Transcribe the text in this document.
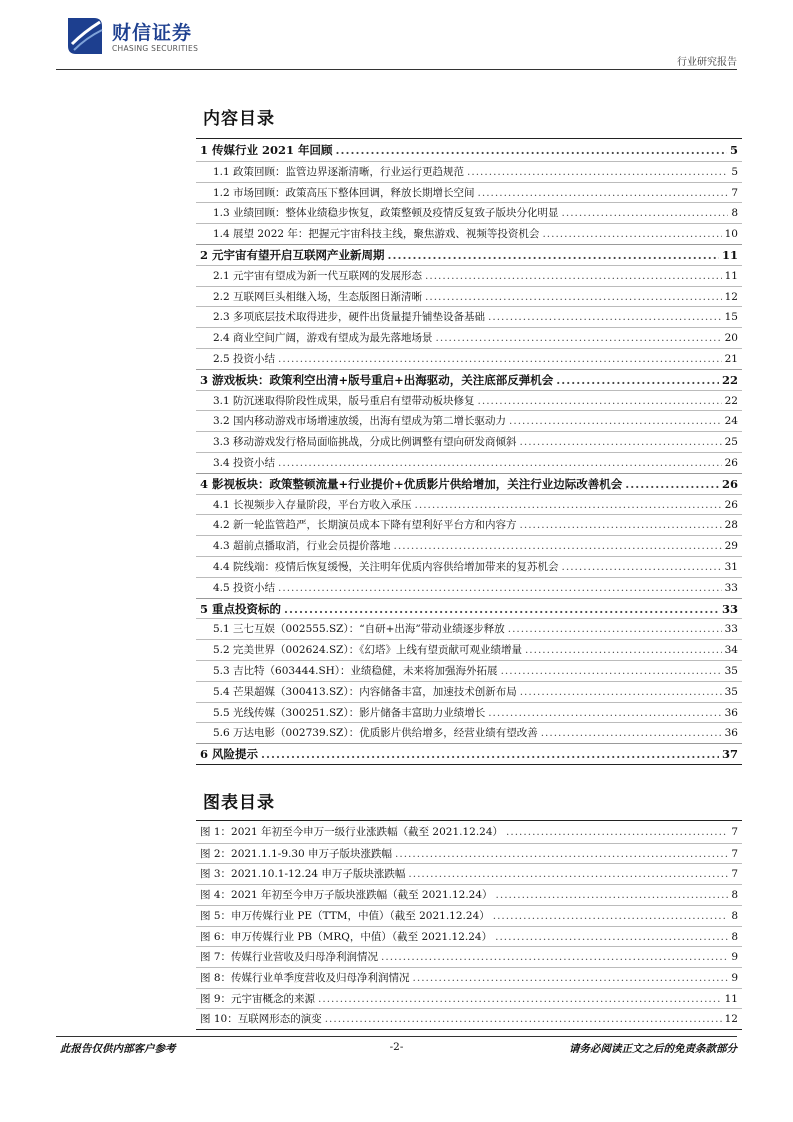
财信证券
CHASING SECURITIES
行业研究报告
内容目录
1 传媒行业 2021 年回顾 .....	5
1.1 政策回顾：监管边界逐渐清晰，行业运行更趋规范 .....	5
1.2 市场回顾：政策高压下整体回调，释放长期增长空间 .....	7
1.3 业绩回顾：整体业绩稳步恢复，政策整顿及疫情反复致子版块分化明显 .....	8
1.4 展望 2022 年：把握元宇宙科技主线，聚焦游戏、视频等投资机会 .....	10
2 元宇宙有望开启互联网产业新周期 .....	11
2.1 元宇宙有望成为新一代互联网的发展形态 .....	11
2.2 互联网巨头相继入场，生态版图日渐清晰 .....	12
2.3 多项底层技术取得进步，硬件出货量提升铺垫设备基础 .....	15
2.4 商业空间广阔，游戏有望成为最先落地场景 .....	20
2.5 投资小结 .....	21
3 游戏板块：政策利空出清+版号重启+出海驱动，关注底部反弹机会 .....	22
3.1 防沉迷取得阶段性成果，版号重启有望带动板块修复 .....	22
3.2 国内移动游戏市场增速放缓，出海有望成为第二增长驱动力 .....	24
3.3 移动游戏发行格局面临挑战，分成比例调整有望向研发商倾斜 .....	25
3.4 投资小结 .....	26
4 影视板块：政策整顿流量+行业提价+优质影片供给增加，关注行业边际改善机会 .....	26
4.1 长视频步入存量阶段，平台方收入承压 .....	26
4.2 新一轮监管趋严，长期演员成本下降有望利好平台方和内容方 .....	28
4.3 超前点播取消，行业会员提价落地 .....	29
4.4 院线端：疫情后恢复缓慢，关注明年优质内容供给增加带来的复苏机会 .....	31
4.5 投资小结 .....	33
5 重点投资标的 .....	33
5.1 三七互娱（002555.SZ）：“自研+出海”带动业绩逐步释放 .....	33
5.2 完美世界（002624.SZ）：《幻塔》上线有望贡献可观业绩增量 .....	34
5.3 吉比特（603444.SH）：业绩稳健，未来将加强海外拓展 .....	35
5.4 芒果超媒（300413.SZ）：内容储备丰富，加速技术创新布局 .....	35
5.5 光线传媒（300251.SZ）：影片储备丰富助力业绩增长 .....	36
5.6 万达电影（002739.SZ）：优质影片供给增多，经营业绩有望改善 .....	36
6 风险提示 .....	37
图表目录
图 1：2021 年初至今申万一级行业涨跌幅（截至 2021.12.24） .....	7
图 2：2021.1.1-9.30 申万子版块涨跌幅 .....	7
图 3：2021.10.1-12.24 申万子版块涨跌幅 .....	7
图 4：2021 年初至今申万子版块涨跌幅（截至 2021.12.24） .....	8
图 5：申万传媒行业 PE（TTM，中值）（截至 2021.12.24） .....	8
图 6：申万传媒行业 PB（MRQ，中值）（截至 2021.12.24） .....	8
图 7：传媒行业营收及归母净利润情况 .....	9
图 8：传媒行业单季度营收及归母净利润情况 .....	9
图 9：元宇宙概念的来源 .....	11
图 10：互联网形态的演变 .....	12
此报告仅供内部客户参考	-2-	请务必阅读正文之后的免责条款部分
